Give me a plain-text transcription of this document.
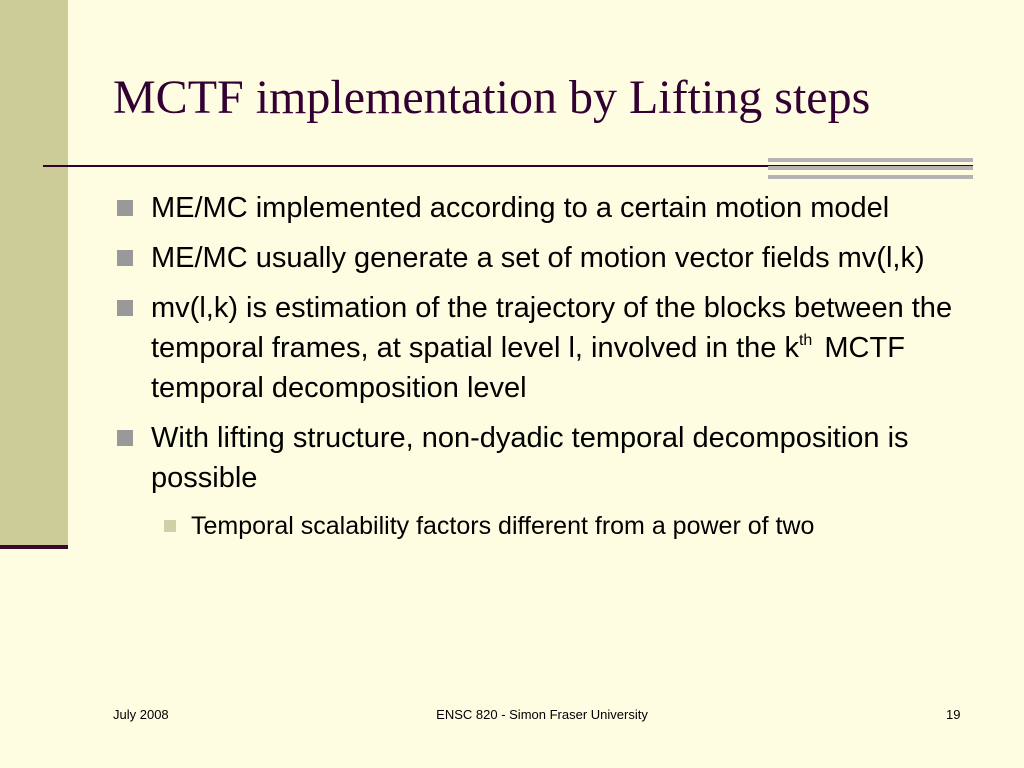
MCTF implementation by Lifting steps
ME/MC implemented according to a certain motion model
ME/MC usually generate a set of motion vector fields mv(l,k)
mv(l,k) is estimation of the trajectory of the blocks between the temporal frames, at spatial level l, involved in the $k^{th}$ MCTF temporal decomposition level
With lifting structure, non-dyadic temporal decomposition is possible
Temporal scalability factors different from a power of two
July 2008	ENSC 820 - Simon Fraser University	19
